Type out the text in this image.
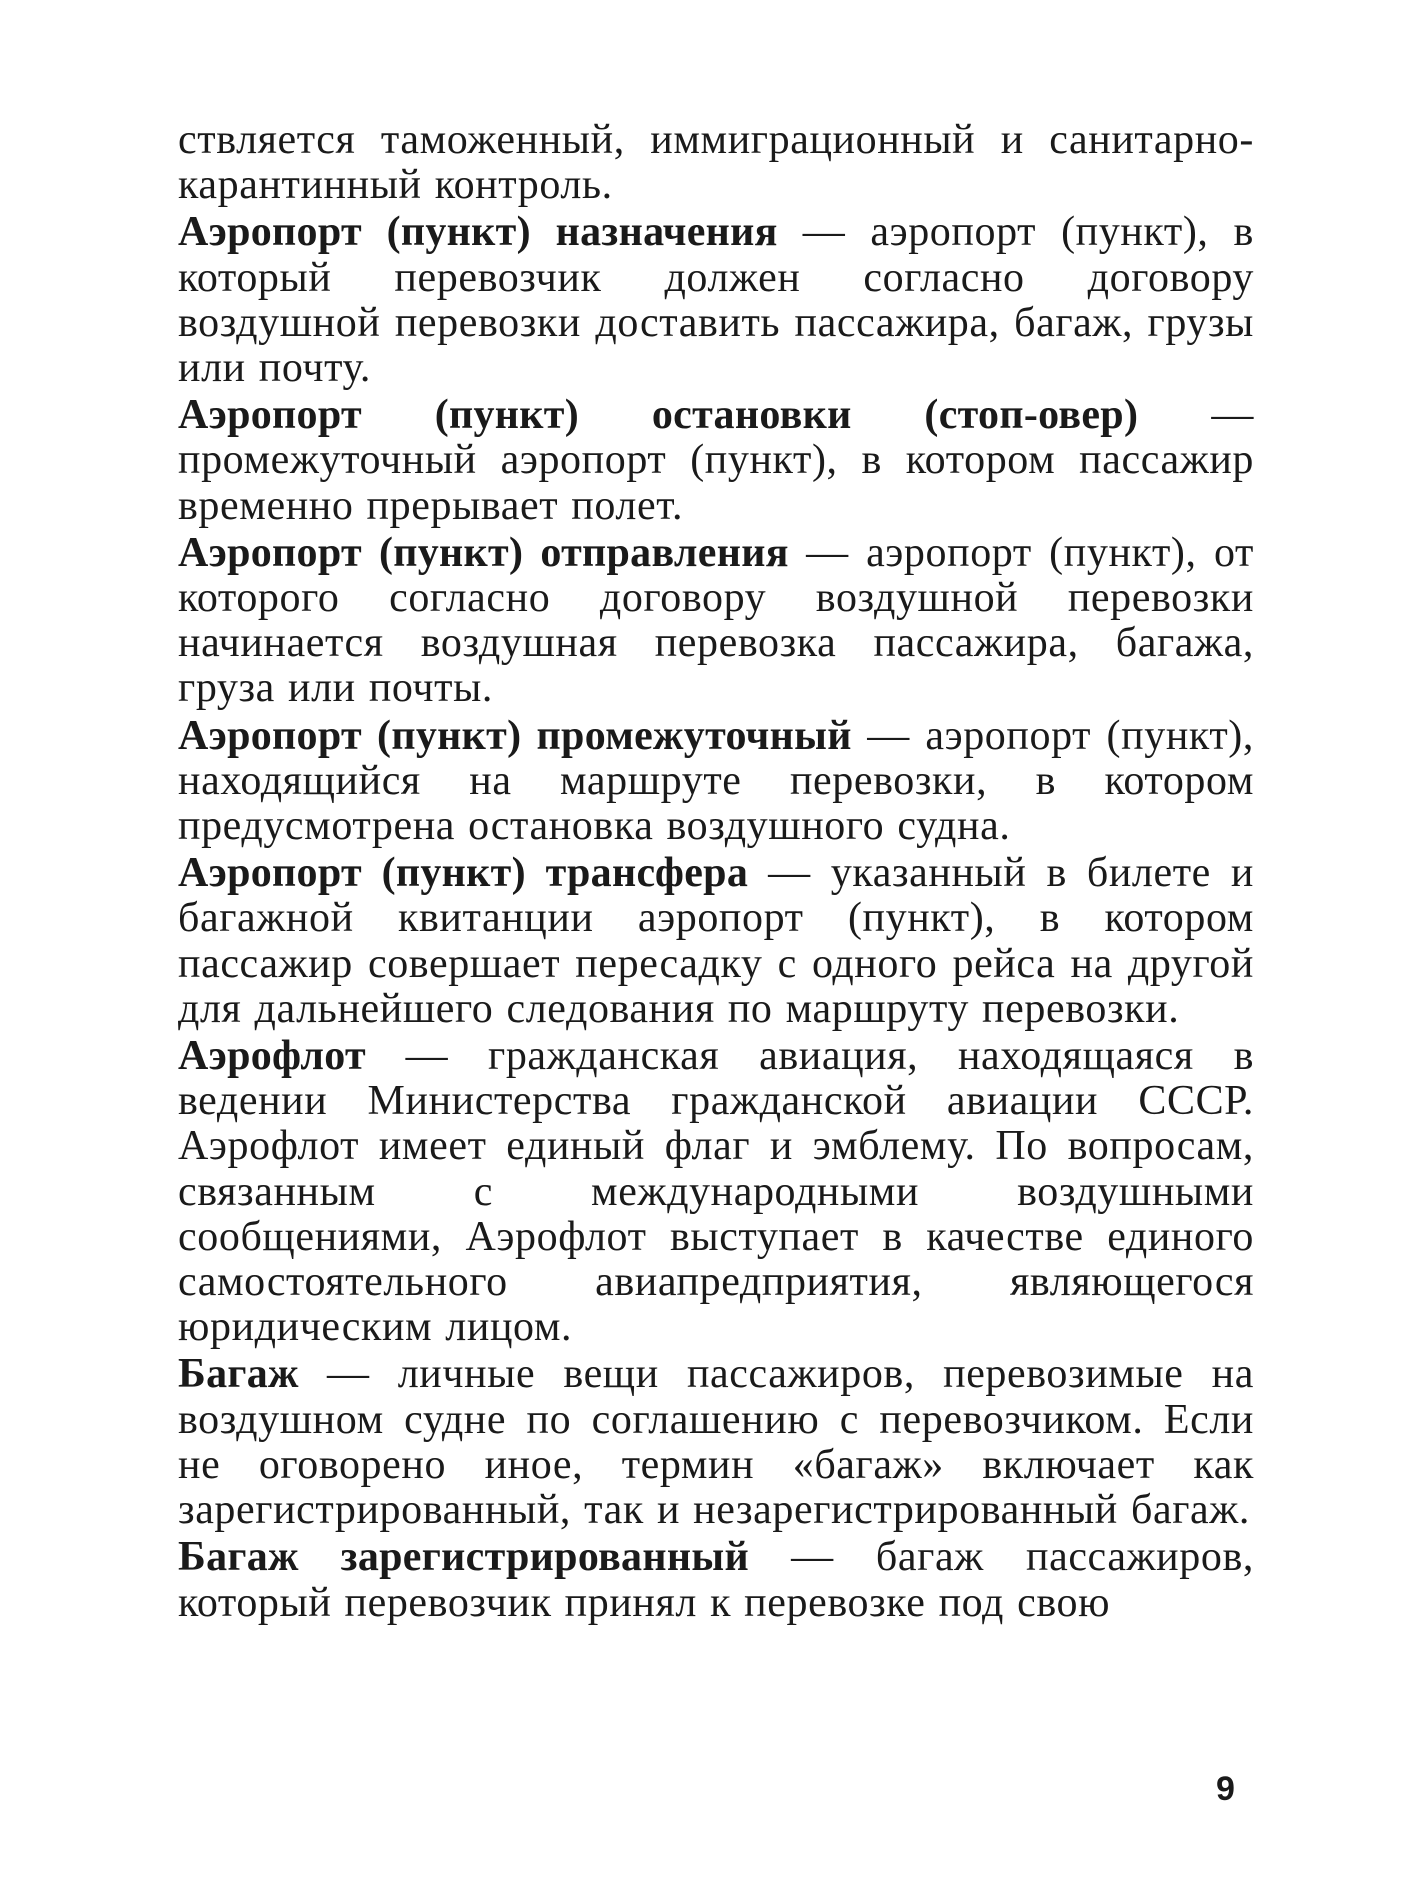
ствляется таможенный, иммиграционный и санитарно-карантинный контроль.

Аэропорт (пункт) назначения — аэропорт (пункт), в который перевозчик должен согласно договору воздушной перевозки доставить пассажира, багаж, грузы или почту.

Аэропорт (пункт) остановки (стоп-овер) — промежуточный аэропорт (пункт), в котором пассажир временно прерывает полет.

Аэропорт (пункт) отправления — аэропорт (пункт), от которого согласно договору воздушной перевозки начинается воздушная перевозка пассажира, багажа, груза или почты.

Аэропорт (пункт) промежуточный — аэропорт (пункт), находящийся на маршруте перевозки, в котором предусмотрена остановка воздушного судна.

Аэропорт (пункт) трансфера — указанный в билете и багажной квитанции аэропорт (пункт), в котором пассажир совершает пересадку с одного рейса на другой для дальнейшего следования по маршруту перевозки.

Аэрофлот — гражданская авиация, находящаяся в ведении Министерства гражданской авиации СССР. Аэрофлот имеет единый флаг и эмблему. По вопросам, связанным с международными воздушными сообщениями, Аэрофлот выступает в качестве единого самостоятельного авиапредприятия, являющегося юридическим лицом.

Багаж — личные вещи пассажиров, перевозимые на воздушном судне по соглашению с перевозчиком. Если не оговорено иное, термин «багаж» включает как зарегистрированный, так и незарегистрированный багаж.

Багаж зарегистрированный — багаж пассажиров, который перевозчик принял к перевозке под свою

9
